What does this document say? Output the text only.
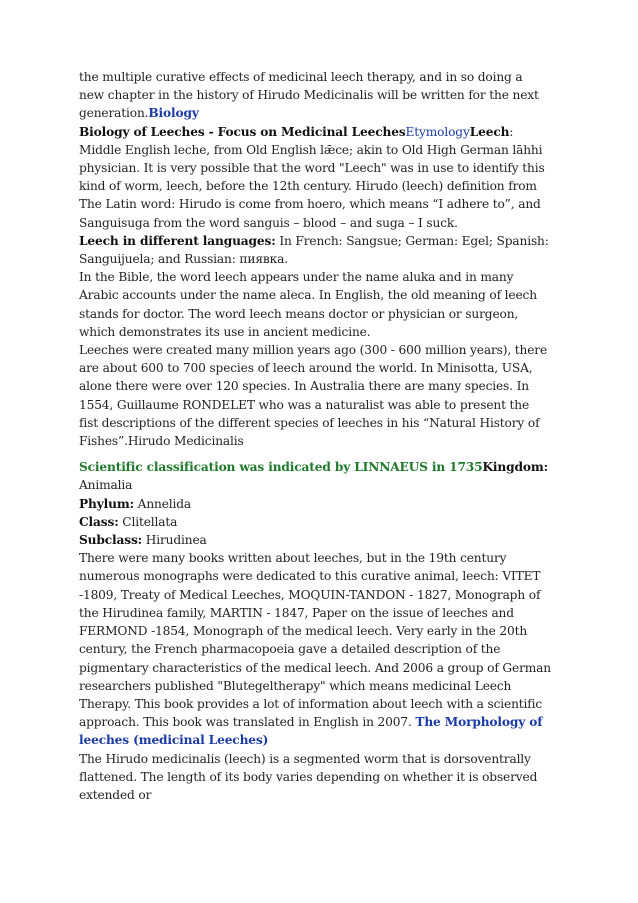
the multiple curative effects of medicinal leech therapy, and in so doing a new chapter in the history of Hirudo Medicinalis will be written for the next generation.Biology

Biology of Leeches - Focus on Medicinal LeechesEtymologyLeech: Middle English leche, from Old English lǣce; akin to Old High German lāhhi physician. It is very possible that the word "Leech" was in use to identify this kind of worm, leech, before the 12th century. Hirudo (leech) definition from The Latin word: Hirudo is come from hoero, which means “I adhere to”, and Sanguisuga from the word sanguis – blood – and suga – I suck.

Leech in different languages: In French: Sangsue; German: Egel; Spanish: Sanguijuela; and Russian: пиявка.

In the Bible, the word leech appears under the name aluka and in many Arabic accounts under the name aleca. In English, the old meaning of leech stands for doctor. The word leech means doctor or physician or surgeon, which demonstrates its use in ancient medicine.

Leeches were created many million years ago (300 - 600 million years), there are about 600 to 700 species of leech around the world. In Minisotta, USA, alone there were over 120 species. In Australia there are many species. In 1554, Guillaume RONDELET who was a naturalist was able to present the fist descriptions of the different species of leeches in his “Natural History of Fishes”.Hirudo Medicinalis

Scientific classification was indicated by LINNAEUS in 1735Kingdom: Animalia

Phylum: Annelida

Class: Clitellata

Subclass: Hirudinea

There were many books written about leeches, but in the 19th century numerous monographs were dedicated to this curative animal, leech: VITET -1809, Treaty of Medical Leeches, MOQUIN-TANDON - 1827, Monograph of the Hirudinea family, MARTIN - 1847, Paper on the issue of leeches and FERMOND -1854, Monograph of the medical leech. Very early in the 20th century, the French pharmacopoeia gave a detailed description of the pigmentary characteristics of the medical leech. And 2006 a group of German researchers published "Blutegeltherapy" which means medicinal Leech Therapy. This book provides a lot of information about leech with a scientific approach. This book was translated in English in 2007. The Morphology of leeches (medicinal Leeches)

The Hirudo medicinalis (leech) is a segmented worm that is dorsoventrally flattened. The length of its body varies depending on whether it is observed extended or
